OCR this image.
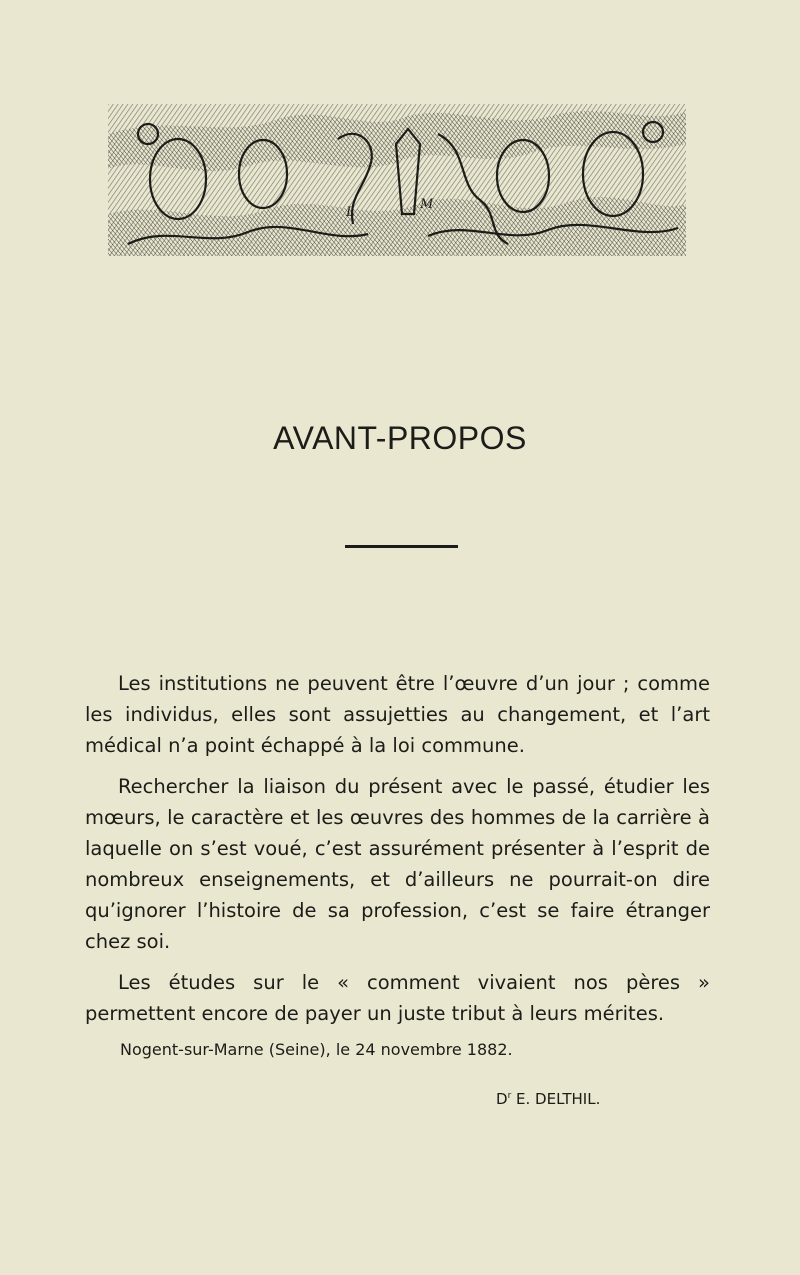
L
M
AVANT-PROPOS

Les institutions ne peuvent être l’œuvre d’un jour ; comme les individus, elles sont assujetties au changement, et l’art médical n’a point échappé à la loi commune.

Rechercher la liaison du présent avec le passé, étudier les mœurs, le caractère et les œuvres des hommes de la carrière à laquelle on s’est voué, c’est assurément présenter à l’esprit de nombreux enseignements, et d’ailleurs ne pourrait-on dire qu’ignorer l’histoire de sa profession, c’est se faire étranger chez soi.

Les études sur le « comment vivaient nos pères » permettent encore de payer un juste tribut à leurs mérites.

Nogent-sur-Marne (Seine), le 24 novembre 1882.

$D^r$ E. DELTHIL.
